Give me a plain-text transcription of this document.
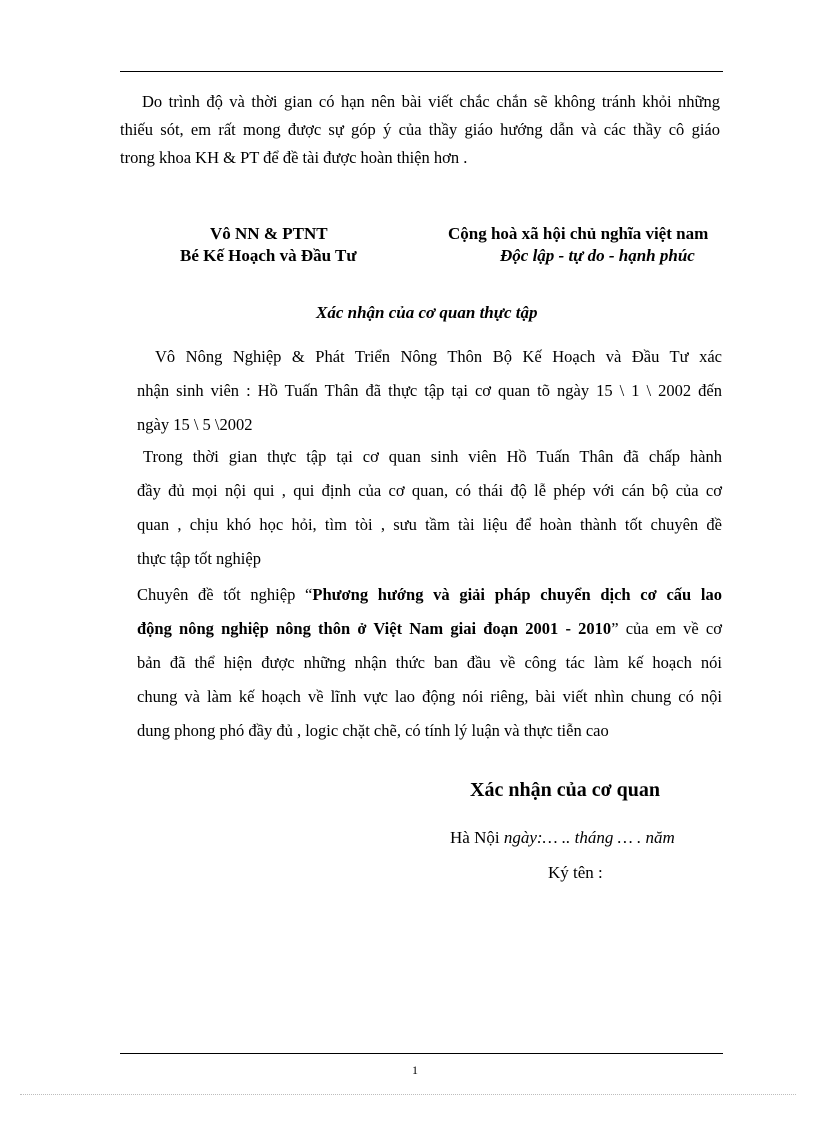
Do trình độ và thời gian có hạn nên bài viết chắc chắn sẽ không tránh khỏi những
thiếu sót, em rất mong được sự góp ý của thầy giáo hướng dẫn và các thầy cô giáo
trong khoa KH & PT để đề tài được hoàn thiện hơn .
Vô NN & PTNT
Bé Kế Hoạch và Đầu Tư
Cộng hoà xã hội chủ nghĩa việt nam
Độc lập - tự do - hạnh phúc
Xác nhận của cơ quan thực tập
Vô Nông Nghiệp & Phát Triển Nông Thôn Bộ Kế Hoạch và Đầu Tư xác
nhận sinh viên : Hồ Tuấn Thân đã thực tập tại cơ quan tõ ngày 15 \ 1 \ 2002 đến
ngày 15 \ 5 \2002
Trong thời gian thực tập tại cơ quan sinh viên Hồ Tuấn Thân đã chấp hành
đầy đủ mọi nội qui , qui định của cơ quan, có thái độ lễ phép với cán bộ của cơ
quan , chịu khó học hỏi, tìm tòi , sưu tầm tài liệu để hoàn thành tốt chuyên đề
thực tập tốt nghiệp
Chuyên đề tốt nghiệp “Phương hướng và giải pháp chuyển dịch cơ cấu lao
động nông nghiệp nông thôn ở Việt Nam giai đoạn 2001 - 2010” của em về cơ
bản đã thể hiện được những nhận thức ban đầu về công tác làm kế hoạch nói
chung và làm kế hoạch về lĩnh vực lao động nói riêng, bài viết nhìn chung có nội
dung phong phó đầy đủ , logic chặt chẽ, có tính lý luận và thực tiễn cao
Xác nhận của cơ quan
Hà Nội ngày:… .. tháng … . năm
Ký tên :
1
